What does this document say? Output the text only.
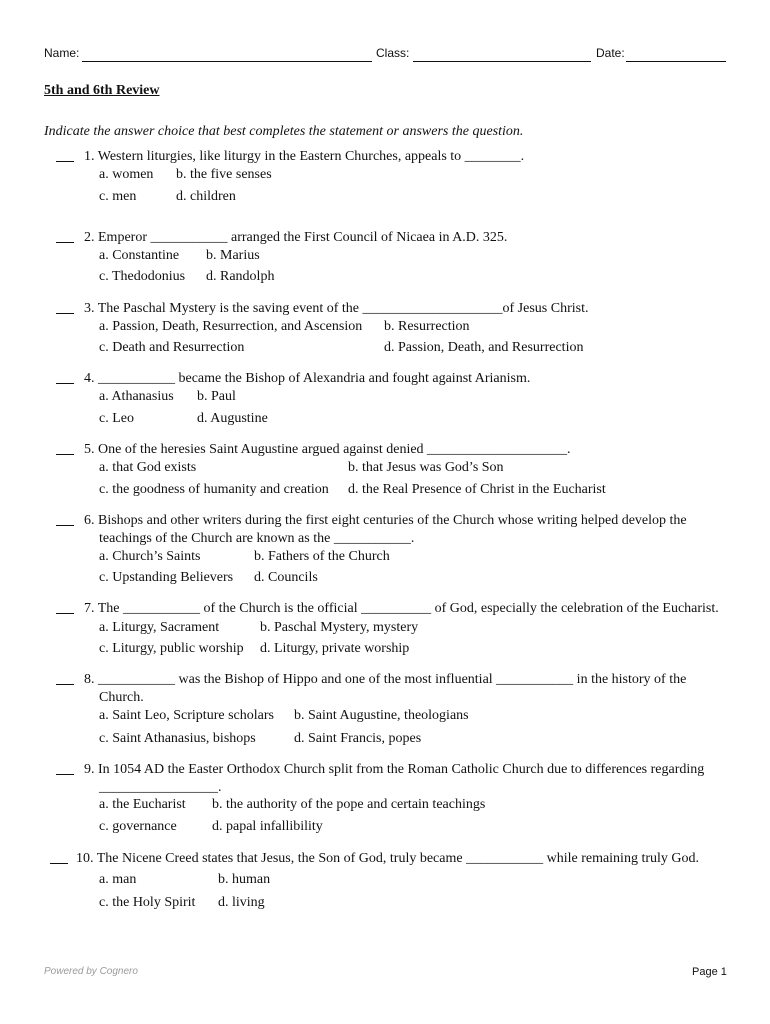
Name:	Class:	Date:
5th and 6th Review
Indicate the answer choice that best completes the statement or answers the question.
1. Western liturgies, like liturgy in the Eastern Churches, appeals to ________.
a. women b. the five senses
c. men	d. children
2. Emperor ___________ arranged the First Council of Nicaea in A.D. 325.
a. Constantine b. Marius
c. Thedodonius d. Randolph
3. The Paschal Mystery is the saving event of the ____________________of Jesus Christ.
a. Passion, Death, Resurrection, and Ascension b. Resurrection
c. Death and Resurrection	d. Passion, Death, and Resurrection
4. ___________ became the Bishop of Alexandria and fought against Arianism.
a. Athanasius b. Paul
c. Leo	d. Augustine
5. One of the heresies Saint Augustine argued against denied ____________________.
a. that God exists	b. that Jesus was God’s Son
c. the goodness of humanity and creation d. the Real Presence of Christ in the Eucharist
6. Bishops and other writers during the first eight centuries of the Church whose writing helped develop the
teachings of the Church are known as the ___________.
a. Church’s Saints	b. Fathers of the Church
c. Upstanding Believers d. Councils
7. The ___________ of the Church is the official __________ of God, especially the celebration of the Eucharist.
a. Liturgy, Sacrament	b. Paschal Mystery, mystery
c. Liturgy, public worship d. Liturgy, private worship
8. ___________ was the Bishop of Hippo and one of the most influential ___________ in the history of the
Church.
a. Saint Leo, Scripture scholars b. Saint Augustine, theologians
c. Saint Athanasius, bishops	d. Saint Francis, popes
9. In 1054 AD the Easter Orthodox Church split from the Roman Catholic Church due to differences regarding
_________________.
a. the Eucharist b. the authority of the pope and certain teachings
c. governance	d. papal infallibility
10. The Nicene Creed states that Jesus, the Son of God, truly became ___________ while remaining truly God.
a. man	b. human
c. the Holy Spirit d. living
Powered by Cognero	Page 1
